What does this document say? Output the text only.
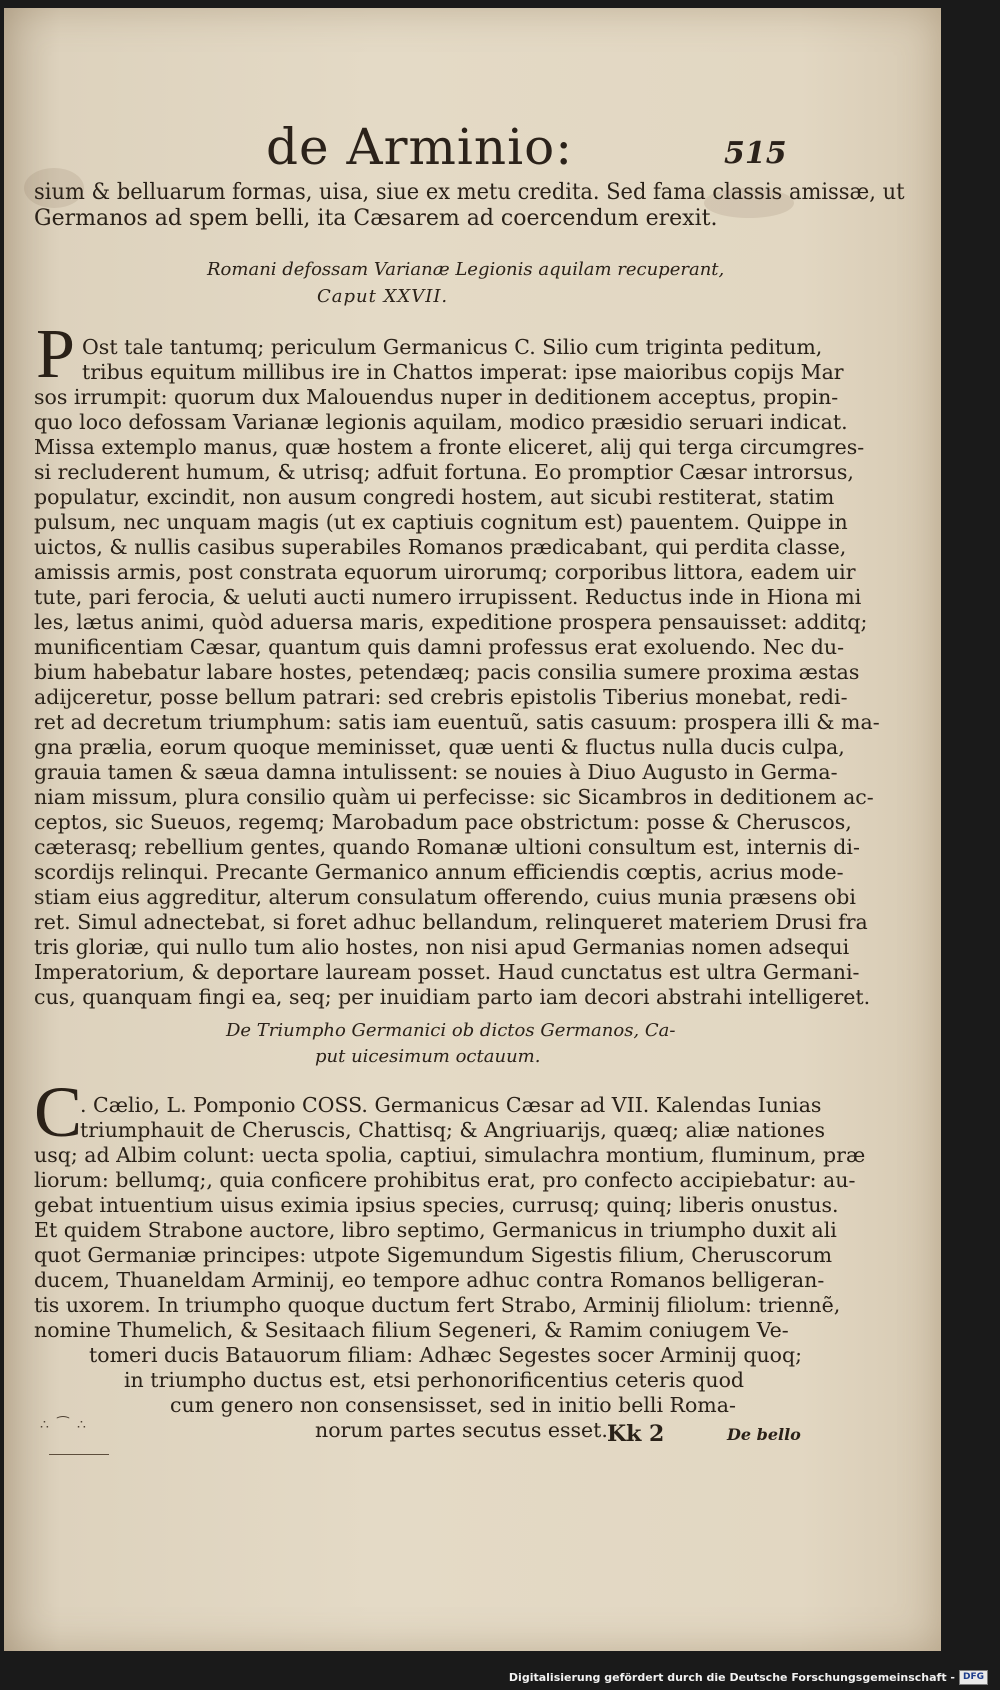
de Arminio:	515
sium & belluarum formas, uisa, siue ex metu credita. Sed fama classis amissæ, ut
Germanos ad spem belli, ita Cæsarem ad coercendum erexit.
Romani defossam Varianæ Legionis aquilam recuperant,
Caput XXVII.
P Ost tale tantumq; periculum Germanicus C. Silio cum triginta peditum,
tribus equitum millibus ire in Chattos imperat: ipse maioribus copijs Mar
sos irrumpit: quorum dux Malouendus nuper in deditionem acceptus, propin-
quo loco defossam Varianæ legionis aquilam, modico præsidio seruari indicat.
Missa extemplo manus, quæ hostem a fronte eliceret, alij qui terga circumgres-
si recluderent humum, & utrisq; adfuit fortuna. Eo promptior Cæsar introrsus,
populatur, excindit, non ausum congredi hostem, aut sicubi restiterat, statim
pulsum, nec unquam magis (ut ex captiuis cognitum est) pauentem. Quippe in
uictos, & nullis casibus superabiles Romanos prædicabant, qui perdita classe,
amissis armis, post constrata equorum uirorumq; corporibus littora, eadem uir
tute, pari ferocia, & ueluti aucti numero irrupissent. Reductus inde in Hiona mi
les, lætus animi, quòd aduersa maris, expeditione prospera pensauisset: additq;
munificentiam Cæsar, quantum quis damni professus erat exoluendo. Nec du-
bium habebatur labare hostes, petendæq; pacis consilia sumere proxima æstas
adijceretur, posse bellum patrari: sed crebris epistolis Tiberius monebat, redi-
ret ad decretum triumphum: satis iam euentuũ, satis casuum: prospera illi & ma-
gna prælia, eorum quoque meminisset, quæ uenti & fluctus nulla ducis culpa,
grauia tamen & sæua damna intulissent: se nouies à Diuo Augusto in Germa-
niam missum, plura consilio quàm ui perfecisse: sic Sicambros in deditionem ac-
ceptos, sic Sueuos, regemq; Marobadum pace obstrictum: posse & Cheruscos,
cæterasq; rebellium gentes, quando Romanæ ultioni consultum est, internis di-
scordijs relinqui. Precante Germanico annum efficiendis cœptis, acrius mode-
stiam eius aggreditur, alterum consulatum offerendo, cuius munia præsens obi
ret. Simul adnectebat, si foret adhuc bellandum, relinqueret materiem Drusi fra
tris gloriæ, qui nullo tum alio hostes, non nisi apud Germanias nomen adsequi
Imperatorium, & deportare lauream posset. Haud cunctatus est ultra Germani-
cus, quanquam fingi ea, seq; per inuidiam parto iam decori abstrahi intelligeret.
De Triumpho Germanici ob dictos Germanos, Ca-
put uicesimum octauum.
C
. Cælio, L. Pomponio COSS. Germanicus Cæsar ad VII. Kalendas Iunias
triumphauit de Cheruscis, Chattisq; & Angriuarijs, quæq; aliæ nationes
usq; ad Albim colunt: uecta spolia, captiui, simulachra montium, fluminum, præ
liorum: bellumq;, quia conficere prohibitus erat, pro confecto accipiebatur: au-
gebat intuentium uisus eximia ipsius species, currusq; quinq; liberis onustus.
Et quidem Strabone auctore, libro septimo, Germanicus in triumpho duxit ali
quot Germaniæ principes: utpote Sigemundum Sigestis filium, Cheruscorum
ducem, Thuaneldam Arminij, eo tempore adhuc contra Romanos belligeran-
tis uxorem. In triumpho quoque ductum fert Strabo, Arminij filiolum: triennẽ,
nomine Thumelich, & Sesitaach filium Segeneri, & Ramim coniugem Ve-
tomeri ducis Batauorum filiam: Adhæc Segestes socer Arminij quoq;
in triumpho ductus est, etsi perhonorificentius ceteris quod
cum genero non consensisset, sed in initio belli Roma-
norum partes secutus esset.
∴ ⁀ ∴	Kk 2	De bello
Digitalisierung gefördert durch die Deutsche Forschungsgemeinschaft - DFG
